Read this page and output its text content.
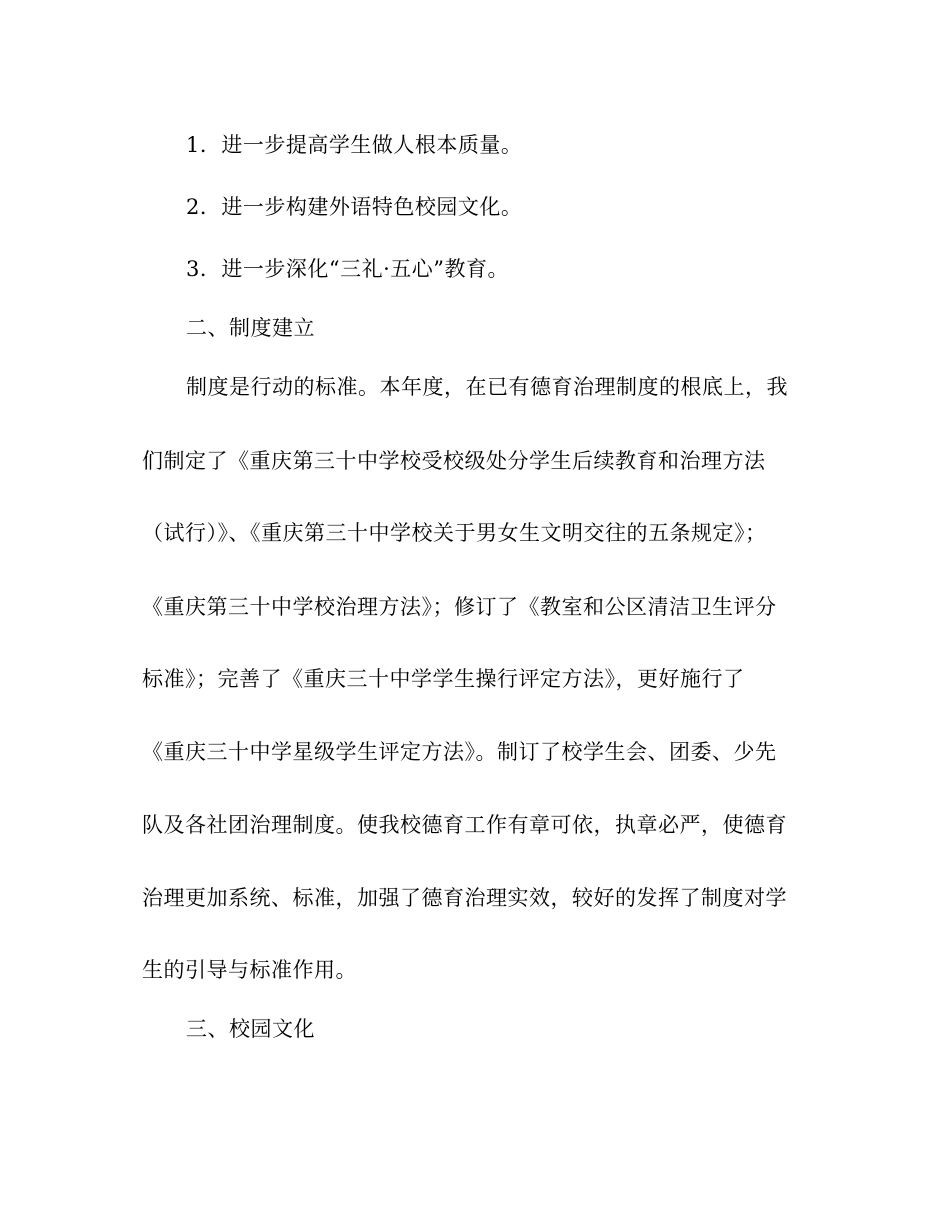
1．进一步提高学生做人根本质量。
2．进一步构建外语特色校园文化。
3．进一步深化“三礼·五心”教育。
二、制度建立
制度是行动的标准。本年度，在已有德育治理制度的根底上，我
们制定了《重庆第三十中学校受校级处分学生后续教育和治理方法
（试行）》、《重庆第三十中学校关于男女生文明交往的五条规定》；
《重庆第三十中学校治理方法》；修订了《教室和公区清洁卫生评分
标准》；完善了《重庆三十中学学生操行评定方法》，更好施行了
《重庆三十中学星级学生评定方法》。制订了校学生会、团委、少先
队及各社团治理制度。使我校德育工作有章可依，执章必严，使德育
治理更加系统、标准，加强了德育治理实效，较好的发挥了制度对学
生的引导与标准作用。
三、校园文化
